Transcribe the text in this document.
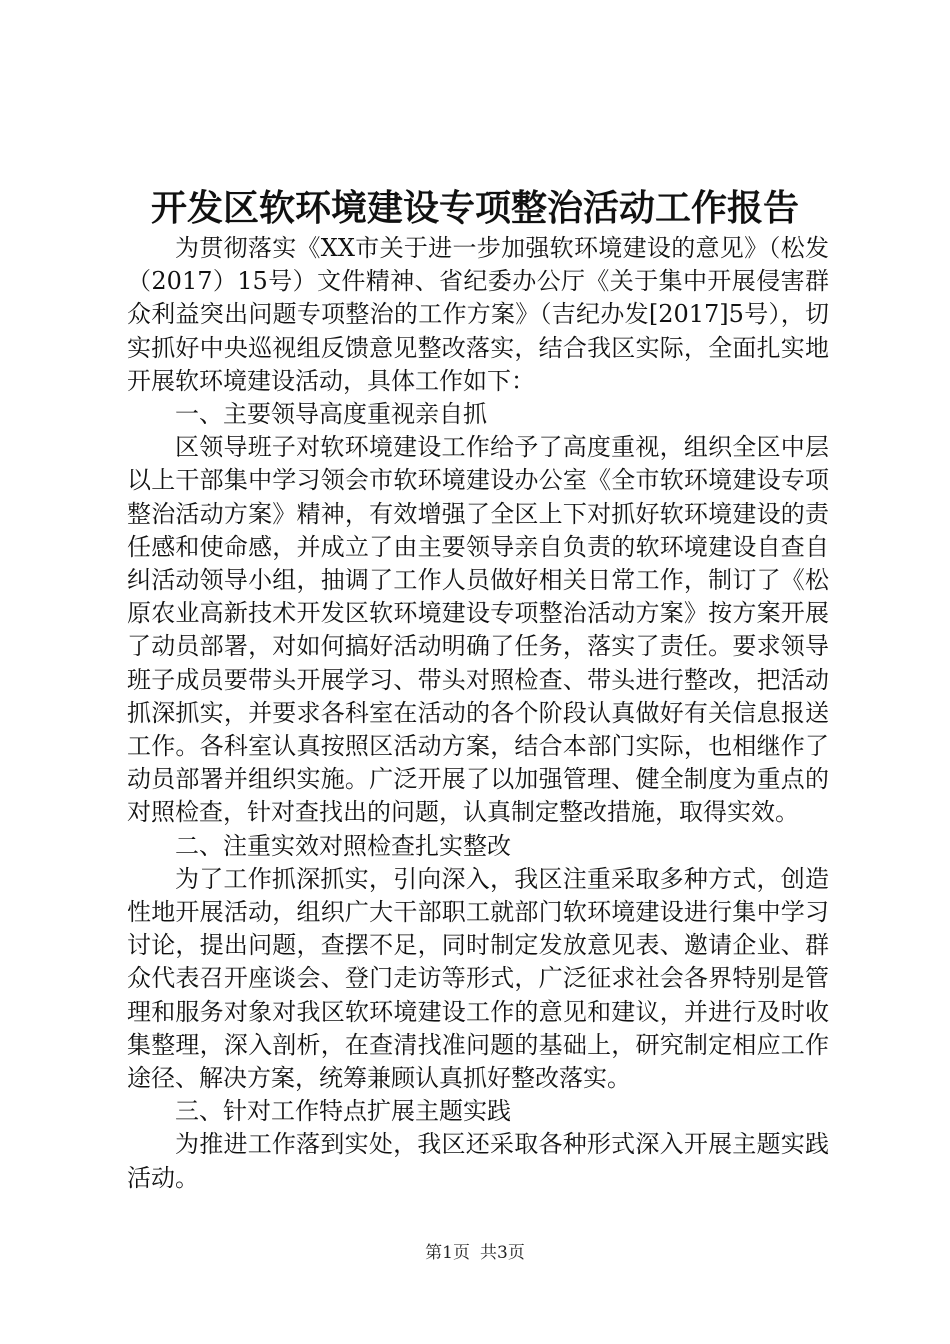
开发区软环境建设专项整治活动工作报告

为贯彻落实《XX市关于进一步加强软环境建设的意见》（松发（2017）15号）文件精神、省纪委办公厅《关于集中开展侵害群众利益突出问题专项整治的工作方案》（吉纪办发[2017]5号），切实抓好中央巡视组反馈意见整改落实，结合我区实际，全面扎实地开展软环境建设活动，具体工作如下：

一、主要领导高度重视亲自抓

区领导班子对软环境建设工作给予了高度重视，组织全区中层以上干部集中学习领会市软环境建设办公室《全市软环境建设专项整治活动方案》精神，有效增强了全区上下对抓好软环境建设的责任感和使命感，并成立了由主要领导亲自负责的软环境建设自查自纠活动领导小组，抽调了工作人员做好相关日常工作，制订了《松原农业高新技术开发区软环境建设专项整治活动方案》按方案开展了动员部署，对如何搞好活动明确了任务，落实了责任。要求领导班子成员要带头开展学习、带头对照检查、带头进行整改，把活动抓深抓实，并要求各科室在活动的各个阶段认真做好有关信息报送工作。各科室认真按照区活动方案，结合本部门实际，也相继作了动员部署并组织实施。广泛开展了以加强管理、健全制度为重点的对照检查，针对查找出的问题，认真制定整改措施，取得实效。

二、注重实效对照检查扎实整改

为了工作抓深抓实，引向深入，我区注重采取多种方式，创造性地开展活动，组织广大干部职工就部门软环境建设进行集中学习讨论，提出问题，查摆不足，同时制定发放意见表、邀请企业、群众代表召开座谈会、登门走访等形式，广泛征求社会各界特别是管理和服务对象对我区软环境建设工作的意见和建议，并进行及时收集整理，深入剖析，在查清找准问题的基础上，研究制定相应工作途径、解决方案，统筹兼顾认真抓好整改落实。

三、针对工作特点扩展主题实践

为推进工作落到实处，我区还采取各种形式深入开展主题实践活动。

第1页 共3页
